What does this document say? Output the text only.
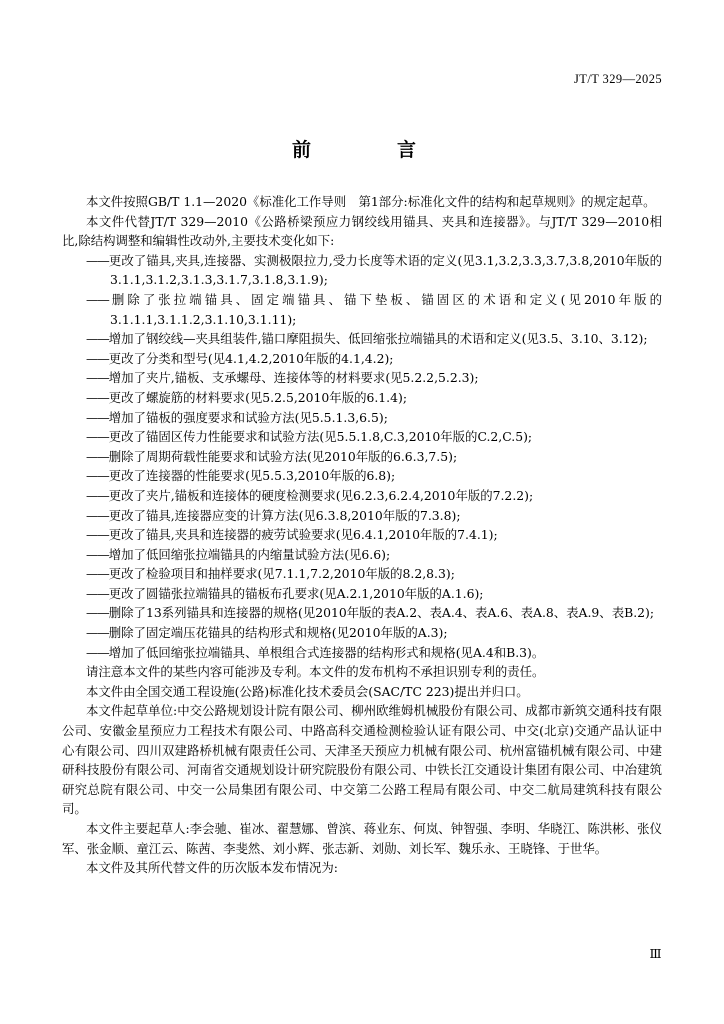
JT/T 329—2025
前　　言

本文件按照GB/T 1.1—2020《标准化工作导则　第1部分:标准化文件的结构和起草规则》的规定起草。

本文件代替JT/T 329—2010《公路桥梁预应力钢绞线用锚具、夹具和连接器》。与JT/T 329—2010相比,除结构调整和编辑性改动外,主要技术变化如下:

——更改了锚具,夹具,连接器、实测极限拉力,受力长度等术语的定义(见3.1,3.2,3.3,3.7,3.8,2010年版的3.1.1,3.1.2,3.1.3,3.1.7,3.1.8,3.1.9);

——删除了张拉端锚具、固定端锚具、锚下垫板、锚固区的术语和定义(见2010年版的3.1.1.1,3.1.1.2,3.1.10,3.1.11);

——增加了钢绞线—夹具组装件,锚口摩阻损失、低回缩张拉端锚具的术语和定义(见3.5、3.10、3.12);

——更改了分类和型号(见4.1,4.2,2010年版的4.1,4.2);

——增加了夹片,锚板、支承螺母、连接体等的材料要求(见5.2.2,5.2.3);

——更改了螺旋筋的材料要求(见5.2.5,2010年版的6.1.4);

——增加了锚板的强度要求和试验方法(见5.5.1.3,6.5);

——更改了锚固区传力性能要求和试验方法(见5.5.1.8,C.3,2010年版的C.2,C.5);

——删除了周期荷载性能要求和试验方法(见2010年版的6.6.3,7.5);

——更改了连接器的性能要求(见5.5.3,2010年版的6.8);

——更改了夹片,锚板和连接体的硬度检测要求(见6.2.3,6.2.4,2010年版的7.2.2);

——更改了锚具,连接器应变的计算方法(见6.3.8,2010年版的7.3.8);

——更改了锚具,夹具和连接器的疲劳试验要求(见6.4.1,2010年版的7.4.1);

——增加了低回缩张拉端锚具的内缩量试验方法(见6.6);

——更改了检验项目和抽样要求(见7.1.1,7.2,2010年版的8.2,8.3);

——更改了圆锚张拉端锚具的锚板布孔要求(见A.2.1,2010年版的A.1.6);

——删除了13系列锚具和连接器的规格(见2010年版的表A.2、表A.4、表A.6、表A.8、表A.9、表B.2);

——删除了固定端压花锚具的结构形式和规格(见2010年版的A.3);

——增加了低回缩张拉端锚具、单根组合式连接器的结构形式和规格(见A.4和B.3)。

请注意本文件的某些内容可能涉及专利。本文件的发布机构不承担识别专利的责任。

本文件由全国交通工程设施(公路)标准化技术委员会(SAC/TC 223)提出并归口。

本文件起草单位:中交公路规划设计院有限公司、柳州欧维姆机械股份有限公司、成都市新筑交通科技有限公司、安徽金星预应力工程技术有限公司、中路高科交通检测检验认证有限公司、中交(北京)交通产品认证中心有限公司、四川双建路桥机械有限责任公司、天津圣天预应力机械有限公司、杭州富锚机械有限公司、中建研科技股份有限公司、河南省交通规划设计研究院股份有限公司、中铁长江交通设计集团有限公司、中冶建筑研究总院有限公司、中交一公局集团有限公司、中交第二公路工程局有限公司、中交二航局建筑科技有限公司。

本文件主要起草人:李会驰、崔冰、翟慧娜、曾滨、蒋业东、何岚、钟智强、李明、华晓江、陈洪彬、张仪军、张金顺、童江云、陈茜、李斐然、刘小辉、张志新、刘勋、刘长军、魏乐永、王晓锋、于世华。

本文件及其所代替文件的历次版本发布情况为:

Ⅲ
